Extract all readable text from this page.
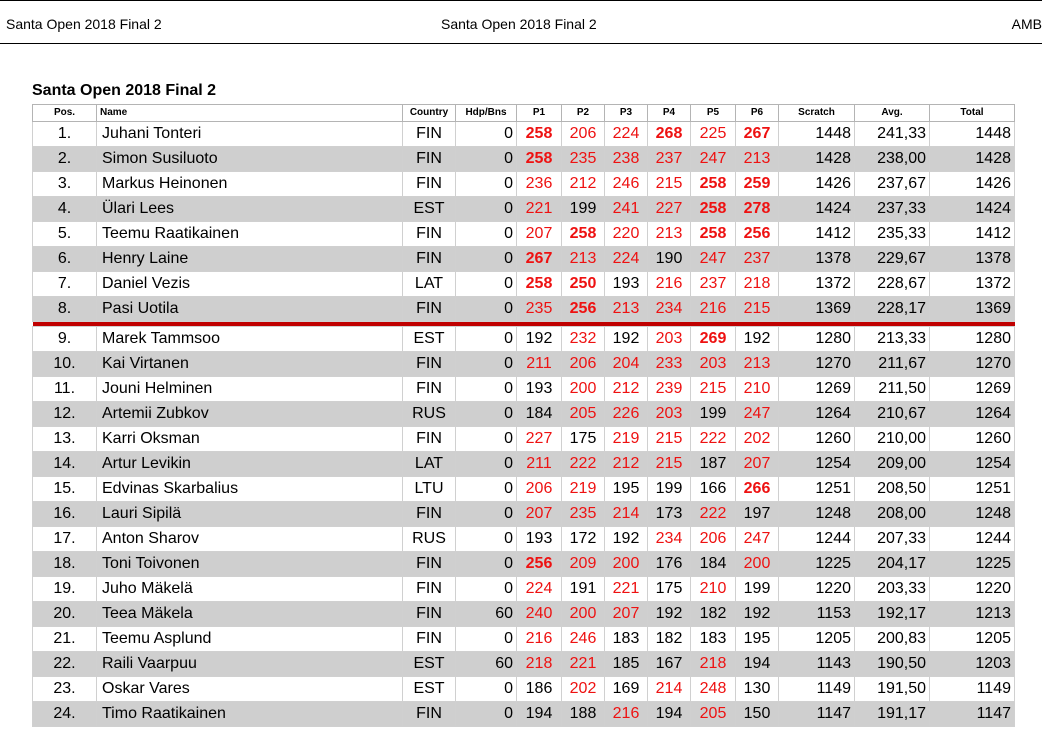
Santa Open 2018 Final 2	Santa Open 2018 Final 2	AMB
Santa Open 2018 Final 2
Pos.	Name	Country	Hdp/Bns	P1	P2	P3	P4	P5	P6	Scratch	Avg.	Total
1.	Juhani Tonteri	FIN	0	258	206	224	268	225	267	1448	241,33	1448
2.	Simon Susiluoto	FIN	0	258	235	238	237	247	213	1428	238,00	1428
3.	Markus Heinonen	FIN	0	236	212	246	215	258	259	1426	237,67	1426
4.	Ülari Lees	EST	0	221	199	241	227	258	278	1424	237,33	1424
5.	Teemu Raatikainen	FIN	0	207	258	220	213	258	256	1412	235,33	1412
6.	Henry Laine	FIN	0	267	213	224	190	247	237	1378	229,67	1378
7.	Daniel Vezis	LAT	0	258	250	193	216	237	218	1372	228,67	1372
8.	Pasi Uotila	FIN	0	235	256	213	234	216	215	1369	228,17	1369

9.	Marek Tammsoo	EST	0	192	232	192	203	269	192	1280	213,33	1280
10.	Kai Virtanen	FIN	0	211	206	204	233	203	213	1270	211,67	1270
11.	Jouni Helminen	FIN	0	193	200	212	239	215	210	1269	211,50	1269
12.	Artemii Zubkov	RUS	0	184	205	226	203	199	247	1264	210,67	1264
13.	Karri Oksman	FIN	0	227	175	219	215	222	202	1260	210,00	1260
14.	Artur Levikin	LAT	0	211	222	212	215	187	207	1254	209,00	1254
15.	Edvinas Skarbalius	LTU	0	206	219	195	199	166	266	1251	208,50	1251
16.	Lauri Sipilä	FIN	0	207	235	214	173	222	197	1248	208,00	1248
17.	Anton Sharov	RUS	0	193	172	192	234	206	247	1244	207,33	1244
18.	Toni Toivonen	FIN	0	256	209	200	176	184	200	1225	204,17	1225
19.	Juho Mäkelä	FIN	0	224	191	221	175	210	199	1220	203,33	1220
20.	Teea Mäkela	FIN	60	240	200	207	192	182	192	1153	192,17	1213
21.	Teemu Asplund	FIN	0	216	246	183	182	183	195	1205	200,83	1205
22.	Raili Vaarpuu	EST	60	218	221	185	167	218	194	1143	190,50	1203
23.	Oskar Vares	EST	0	186	202	169	214	248	130	1149	191,50	1149
24.	Timo Raatikainen	FIN	0	194	188	216	194	205	150	1147	191,17	1147
